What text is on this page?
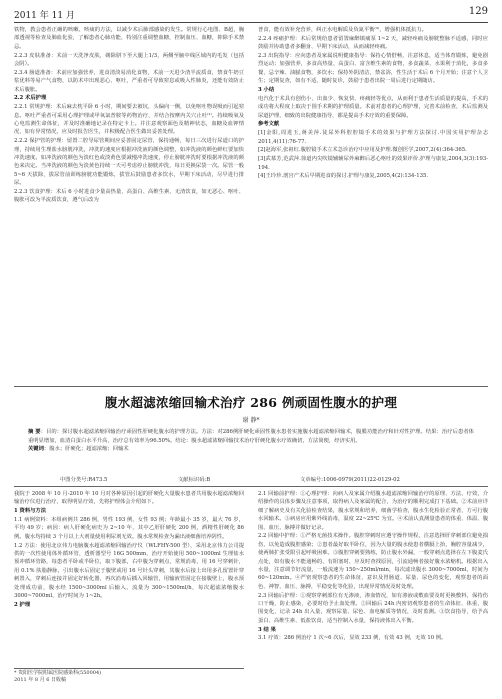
2011 年 11 月	129

铁物，教会患者正确的咳嗽、咳痰的方法，以减少术后肺部感染的发生。常规行心电图、B超，胸部透视等检查及肺血化验，了解患者心肺功能，特别注重调整血糖，控制血压、血糖，抑除手术禁忌。

2.2.3 皮肤准备：术前一天洗净皮肤，剃除胼下至大腿上1/3，两侧至腋中线区域内的毛发（包括会阴）。

2.3.4 肠道准备：术前应加强营养，进食清淡易消化食物，术前一天进少渣半流质食，禁食牛奶豆浆优料等易产气食物，以防术中出现恶心、呕吐，严重者可导致窒息或吸入性肺炎，还能有效防止术后腹胀。

2.2 术后护理

2.2.1 常规护理：术后麻去枕平卧 6 小时，期间要去被坑，头偏向一侧，以免呕吐物误吸而引起窒息。呕吐严重者可采用心理护理或甲氧氯普胺等药物治疗，并结合按摩内关穴止吐⁽¹⁾。持续吸氧及心电监测生命体征，并及时准确地记录在特定卡上。并注意观察面色及精神状态，血糖及血钾情况，如有异常情况，应及时报告医生，并积极配合医生做出妥善处理。

2.2.2 保护管的护理：留置二腔导尿管期间应妥善固定尿管，保持通畅，每日三次进行尿道口的护理，持续用生理盐水膀胱冲洗，冲洗的速度应根据冲洗液的颜色调整，如冲洗液的颜色鲜红要加快冲洗速度。如冲洗液的颜色为淡红色或淡黄色要减慢冲洗速度，停止膀胱冲洗时要根据冲洗液的颜色来决定。当冲洗液的颜色为淡黄色持续一天可考虑停止膀胱冲洗，每日更换尿袋一次。尿管一般 5~6 天拔除，拔尿管前训练膀胱功能锻炼，拔管后鼓励患者多饮水，早期下床活动，尽早进行排尿。

2.2.3 饮食护理：术后 6 小时进食少量高热量、高蛋白、高维生素，无渣饮食，如无恶心、呕吐、腹胀可改为半流质饮食，遵气后改为

普食，能有效补充营养，纠正水电解质及负氮平衡⁽³⁾，增强机体抵抗力。

2.2.4 疼痛护理：术后常规给患者留置麻醉镇痛泵 1~2 天，减轻疼痛及膀胱整脉不适感，同时应鼓励并协助患者多翻身、早期下床活动，从而减轻疼痛。

2.3 出院指导：应向患者及家属说明健康指导：保持心情舒畅，注意休息，适当体育锻炼，避免剧烈运动；加强营养，多食高热量、高蛋白、富含维生素的食物，多食蔬菜、水果利于消化，多食多餐，忌辛辣、油腻食物，多饮水；保持外阴清洁，禁盆浴，性生活于术后 6 个月开始；注意个人卫生；定期复查，如有不适，随时复诊，鼓励于患者出院一周后进行定期随访。

3 小结

电汽化于术具有创伤小、出血少、恢复快、疼痛轻等优点，从而利于患者生活质量的提高，手术的成功将大程度上取决于围手术期的护理质量。术前对患者的心理护理，完善术前检查，术后监测及尿道护理，细致的出院健康指导，都是提高手术疗效的重要保障。

参考文献

[1]金阳,周进玉,蒋美萍.徒尿外科腔腔镜手术的效果与护理方法探讨.中国实用护理杂志 2011,4(11):76-77.

[2]赵海军,张祖红.腹腔镜手术立术急诊治疗中应用及护理.微创医学,2007,2(4):364-365.

[3]武慕芳,范武萍.徐道内尖吹镜辅辅尿外麻醉后恶心呕吐的效果评价.护理与康复,2004,3(3):193-194.

[4]王玲珍.剖宫产术后早期进食的探讨.护理与康复,2005,4(2):134-135.

腹水超滤浓缩回输术治疗 286 例顽固性腹水的护理
谢 静*
摘 要：目的：探讨腹水超滤浓缩回输治疗顽固性肝硬化腹水的护理方法。方法：对286例肝硬化顽固性腹水患者实施腹水超滤浓缩回输术，腹膜功能治疗和针对性护理。结果：治疗后患者体重明显增加，血清白蛋白水平升高，治疗总有效率为96.50%。结论：腹水超滤浓缩回输技术治疗肝硬化腹水疗效确切，方法简便，经济实用。
关键词：腹水；肝硬化；超滤浓缩；回输术
中图分类号:R473.5	文献标识码:B	文章编号:1006-0979(2011)22-0129-02

我院于 2008 年 10 月-2010 年 10 月对各种原因引起的肝硬化大量腹水患者共用腹水超滤浓缩回输治疗仪进行治疗，取得明显疗效，先将护理体会介绍如下。

1 资料与方法

1.1 病例资料：本组病例共 286 例，男性 193 例，女性 93 例；年龄最小 35 岁，最大 76 岁，平均 49 岁；病因：病人肝硬化病史为 2~10 年，其中乙肝肝硬化 200 例，酒精性肝硬化 86 例。腹水均持续 3 个月以上大剂量使用利尿剂无效。腹水常规检查为漏出液细菌培养阴性。

1.2 方法：使用北京伟力电脑腹水超滤浓缩回输治疗仪（WLFHY-500 型），采用北京伟力公司提供的一次性使用体外循环管，透析器型号 16G 500mm，治疗开始使用 500~1000ml 生理盐水预冲循环管路，每患者平卧或半卧位，取下腹部，右中腹为穿刺点，常规消毒，用 16 号穿刺针，用 0.1% 肤脂静脉，引出腹水后固定于腹壁或用 16 号针头穿刺，其腹水后接上出用多孔留置针穿刺置入，穿刺后连接并固定好转化器，再次消毒后插入回输管，用输液管固定在接腹壁上，腹水预处理成功前，腹水经 1500~3000ml 后输入，流量为 300~1500ml/h，每次超滤浓缩腹水 3000~7000ml，治疗时间为 1~2h。

2 护理

2.1 回输前护理：①心理护理：向病人及家属介绍腹水超滤浓缩回输治疗的原理、方法、疗效，介绍操作的具体步骤及注意事项，取得病人及家属的配合，为治疗的顺利完成打下基础。②术前应详细了解病史及有关化验检查结果，腹水常规和培养，细菌学检查，腹水生化检验正常者，方可行腹水回输术。③病房应用紫外线消毒，温度 22~25℃ 为宜。④术前认真测量患者的体重、体温、腹围、血压、脉搏并做好记录。

2.2 回输中护理：①严格无菌技术操作。腹腔穿刺时应遵守操作规程，注意选择肝穿刺部位避免损伤，以免造成腹腔感染；②患者最好取半卧位，因为大量的腹水使患者横膈上抬，胸腔容量减少，使两肺扩张受限引起呼吸困难。③腹腔穿刺要熟练，防止腹水外漏，一般穿刺点选择在左下腹麦氏点处，如有腹水不能通畅的，有阻塞时，应及时查找原因，引流通畅者接好腹水浓缩机。根据出入水量，注意调节好流量，一般流速为 150~250ml/min，每次滤出腹水 3000~7000ml，时间为 60~120min。④严密观察患者的生命体征、意识及胃肠道、尿量、尿色的变化，观察患者的面色、神智、血压、脉搏，平稳变化等化验，出现异常情况及时处理。

2.3 回输后护理：①观察穿刺部位有无渗液，渗血情况，如有渗液或敷血要及时更换敷料，保持伤口干燥，防止感染，必要时给予止血处理。②回输后 24h 内密切观察患者的生命体征、体重、腹围变化，记录 24h 出入量，观察尿量、尿色、血电解质等情况，及时监测。③饮食指导，给予高蛋白、高维生素、低盐饮食，适当控制入水量，保持液体出入平衡。

3 结 果

3.1 疗效：286 例治疗 1 次~6 次后，显效 233 例，有效 43 例，无效 10 例。

* 贵阳医学院附属医院感染科(550004)
2011 年 8 月 6 日收稿
